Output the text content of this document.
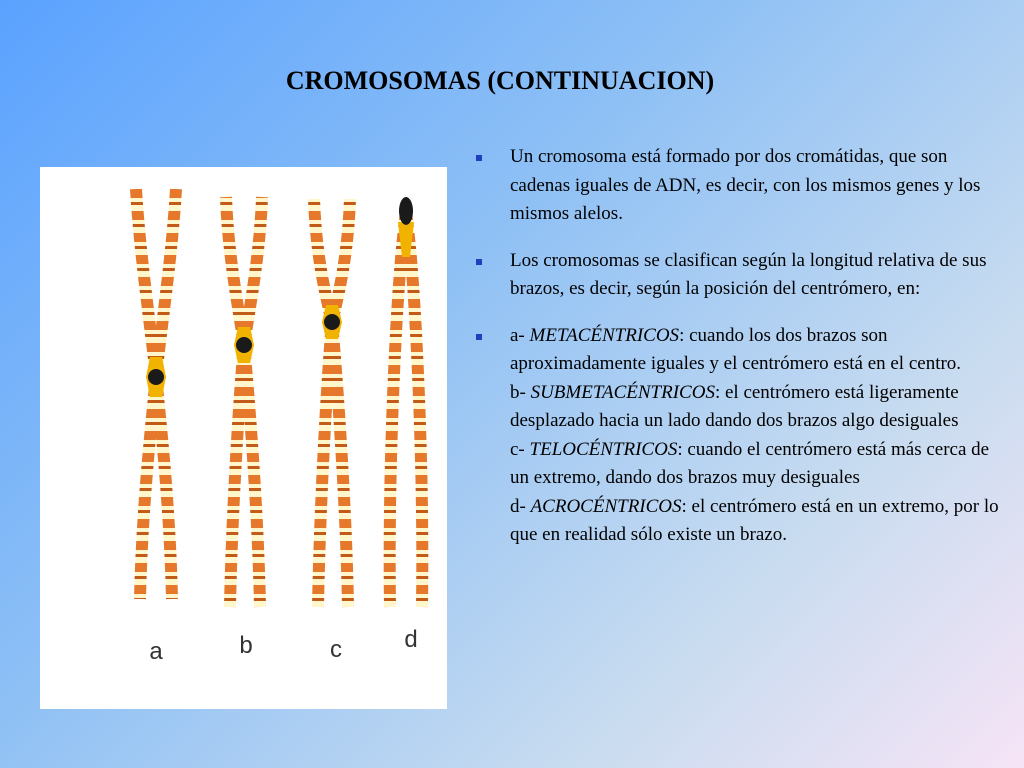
CROMOSOMAS (CONTINUACION)
a	b	c	d
Un cromosoma está formado por dos cromátidas, que son cadenas iguales de ADN, es decir, con los mismos genes y los mismos alelos.
Los cromosomas se clasifican según la longitud relativa de sus brazos, es decir, según la posición del centrómero, en:
a- METACÉNTRICOS: cuando los dos brazos son aproximadamente iguales y el centrómero está en el centro.
b- SUBMETACÉNTRICOS: el centrómero está ligeramente desplazado hacia un lado dando dos brazos algo desiguales
c- TELOCÉNTRICOS: cuando el centrómero está más cerca de un extremo, dando dos brazos muy desiguales
d- ACROCÉNTRICOS: el centrómero está en un extremo, por lo que en realidad sólo existe un brazo.
